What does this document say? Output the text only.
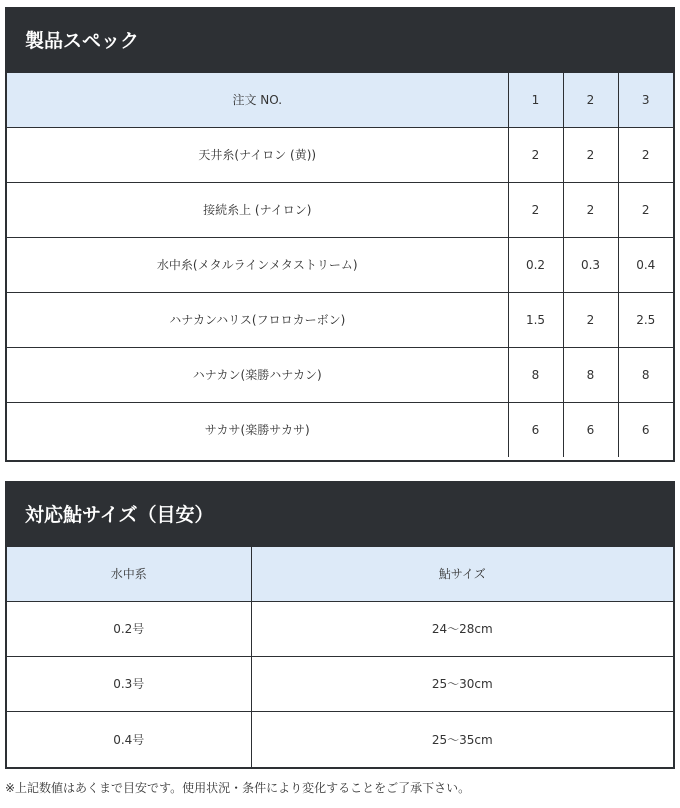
製品スペック
注文 NO.	1	2	3
天井糸(ナイロン (黄))	2	2	2
接続糸上 (ナイロン)	2	2	2
水中糸(メタルラインメタストリーム)	0.2	0.3	0.4
ハナカンハリス(フロロカーボン)	1.5	2	2.5
ハナカン(楽勝ハナカン)	8	8	8
サカサ(楽勝サカサ)	6	6	6
対応鮎サイズ（目安）
水中系	鮎サイズ
0.2号	24〜28cm
0.3号	25〜30cm
0.4号	25〜35cm
※上記数値はあくまで目安です。使用状況・条件により変化することをご了承下さい。
